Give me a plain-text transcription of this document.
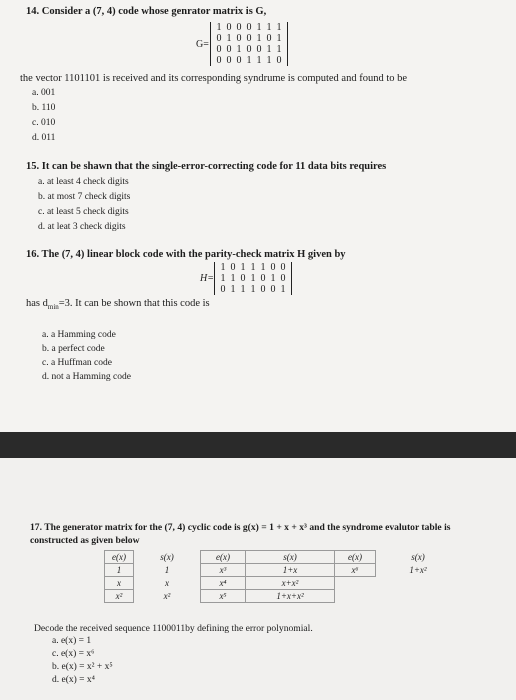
14. Consider a (7, 4) code whose genrator matrix is G,
G=
1 0 0 0 1 1 1
0 1 0 0 1 0 1
0 0 1 0 0 1 1
0 0 0 1 1 1 0
the vector 1101101 is received and its corresponding syndrume is computed and found to be
a. 001
b. 110
c. 010
d. 011
15. It can be shawn that the single-error-correcting code for 11 data bits requires
a. at least 4 check digits
b. at most 7 check digits
c. at least 5 check digits
d. at leat 3 check digits
16. The (7, 4) linear block code with the parity-check matrix H given by
H=
1 0 1 1 1 0 0
1 1 0 1 0 1 0
0 1 1 1 0 0 1
has $d_{min}=3$. It can be shown that this code is
a. a Hamming code
b. a perfect code
c. a Huffman code
d. not a Hamming code
17. The generator matrix for the (7, 4) cyclic code is g(x) = 1 + x + x³ and the syndrome evalutor table is
constructed as given below
e(x)	s(x)	e(x)	s(x)	e(x)	s(x)
1	1	x³	1+x	x⁶	1+x²
x	x	x⁴	x+x²		
x²	x²	x⁵	1+x+x²		
Decode the received sequence 1100011by defining the error polynomial.
a. e(x) = 1
c. e(x) = x⁶
b. e(x) = x² + x⁵
d. e(x) = x⁴
